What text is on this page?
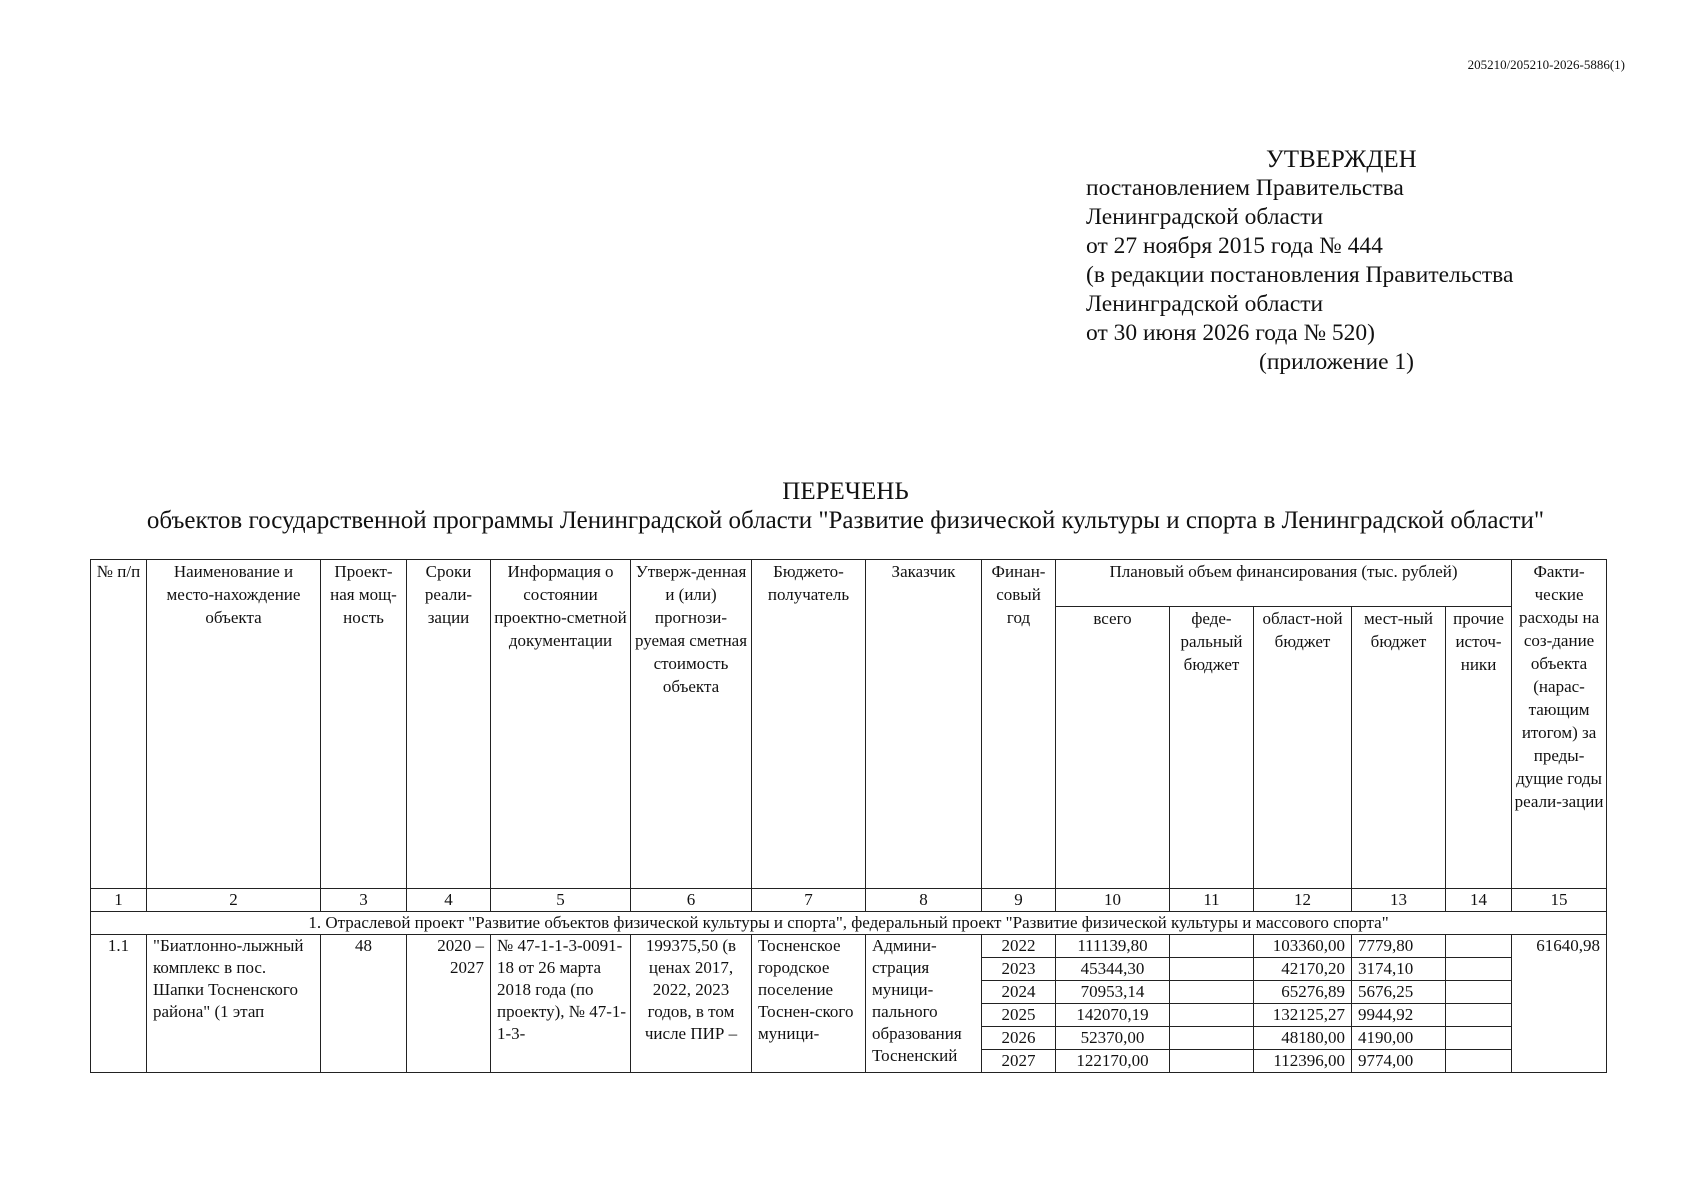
205210/205210-2026-5886(1)
УТВЕРЖДЕН
постановлением Правительства
Ленинградской области
от 27 ноября 2015 года № 444
(в редакции постановления Правительства
Ленинградской области
от 30 июня 2026 года № 520)
(приложение 1)
ПЕРЕЧЕНЬ
объектов государственной программы Ленинградской области "Развитие физической культуры и спорта в Ленинградской области"
№ п/п	Наименование и место-нахождение объекта	Проект-ная мощ-ность	Сроки реали-зации	Информация о состоянии проектно-сметной документации	Утверж-денная и (или) прогнози-руемая сметная стоимость объекта	Бюджето-получатель	Заказчик	Финан-совый год	Плановый объем финансирования (тыс. рублей)					Факти-ческие расходы на соз-дание объекта (нарас-тающим итогом) за преды-дущие годы реали-зации
									всего	феде-ральный бюджет	област-ной бюджет	мест-ный бюджет	прочие источ-ники	
1	2	3	4	5	6	7	8	9	10	11	12	13	14	15
1. Отраслевой проект "Развитие объектов физической культуры и спорта", федеральный проект "Развитие физической культуры и массового спорта"														
1.1	"Биатлонно-лыжный комплекс в пос. Шапки Тосненского района" (1 этап	48	2020 – 2027	№ 47-1-1-3-0091-18 от 26 марта 2018 года (по проекту), № 47-1-1-3-	199375,50 (в ценах 2017, 2022, 2023 годов, в том числе ПИР –	Тосненское городское поселение Тоснен-ского муници-	Админи-страция муници-пального образования Тосненский	2022	111139,80		103360,00	7779,80		61640,98
								2023	45344,30		42170,20	3174,10		
								2024	70953,14		65276,89	5676,25		
								2025	142070,19		132125,27	9944,92		
								2026	52370,00		48180,00	4190,00		
								2027	122170,00		112396,00	9774,00		
